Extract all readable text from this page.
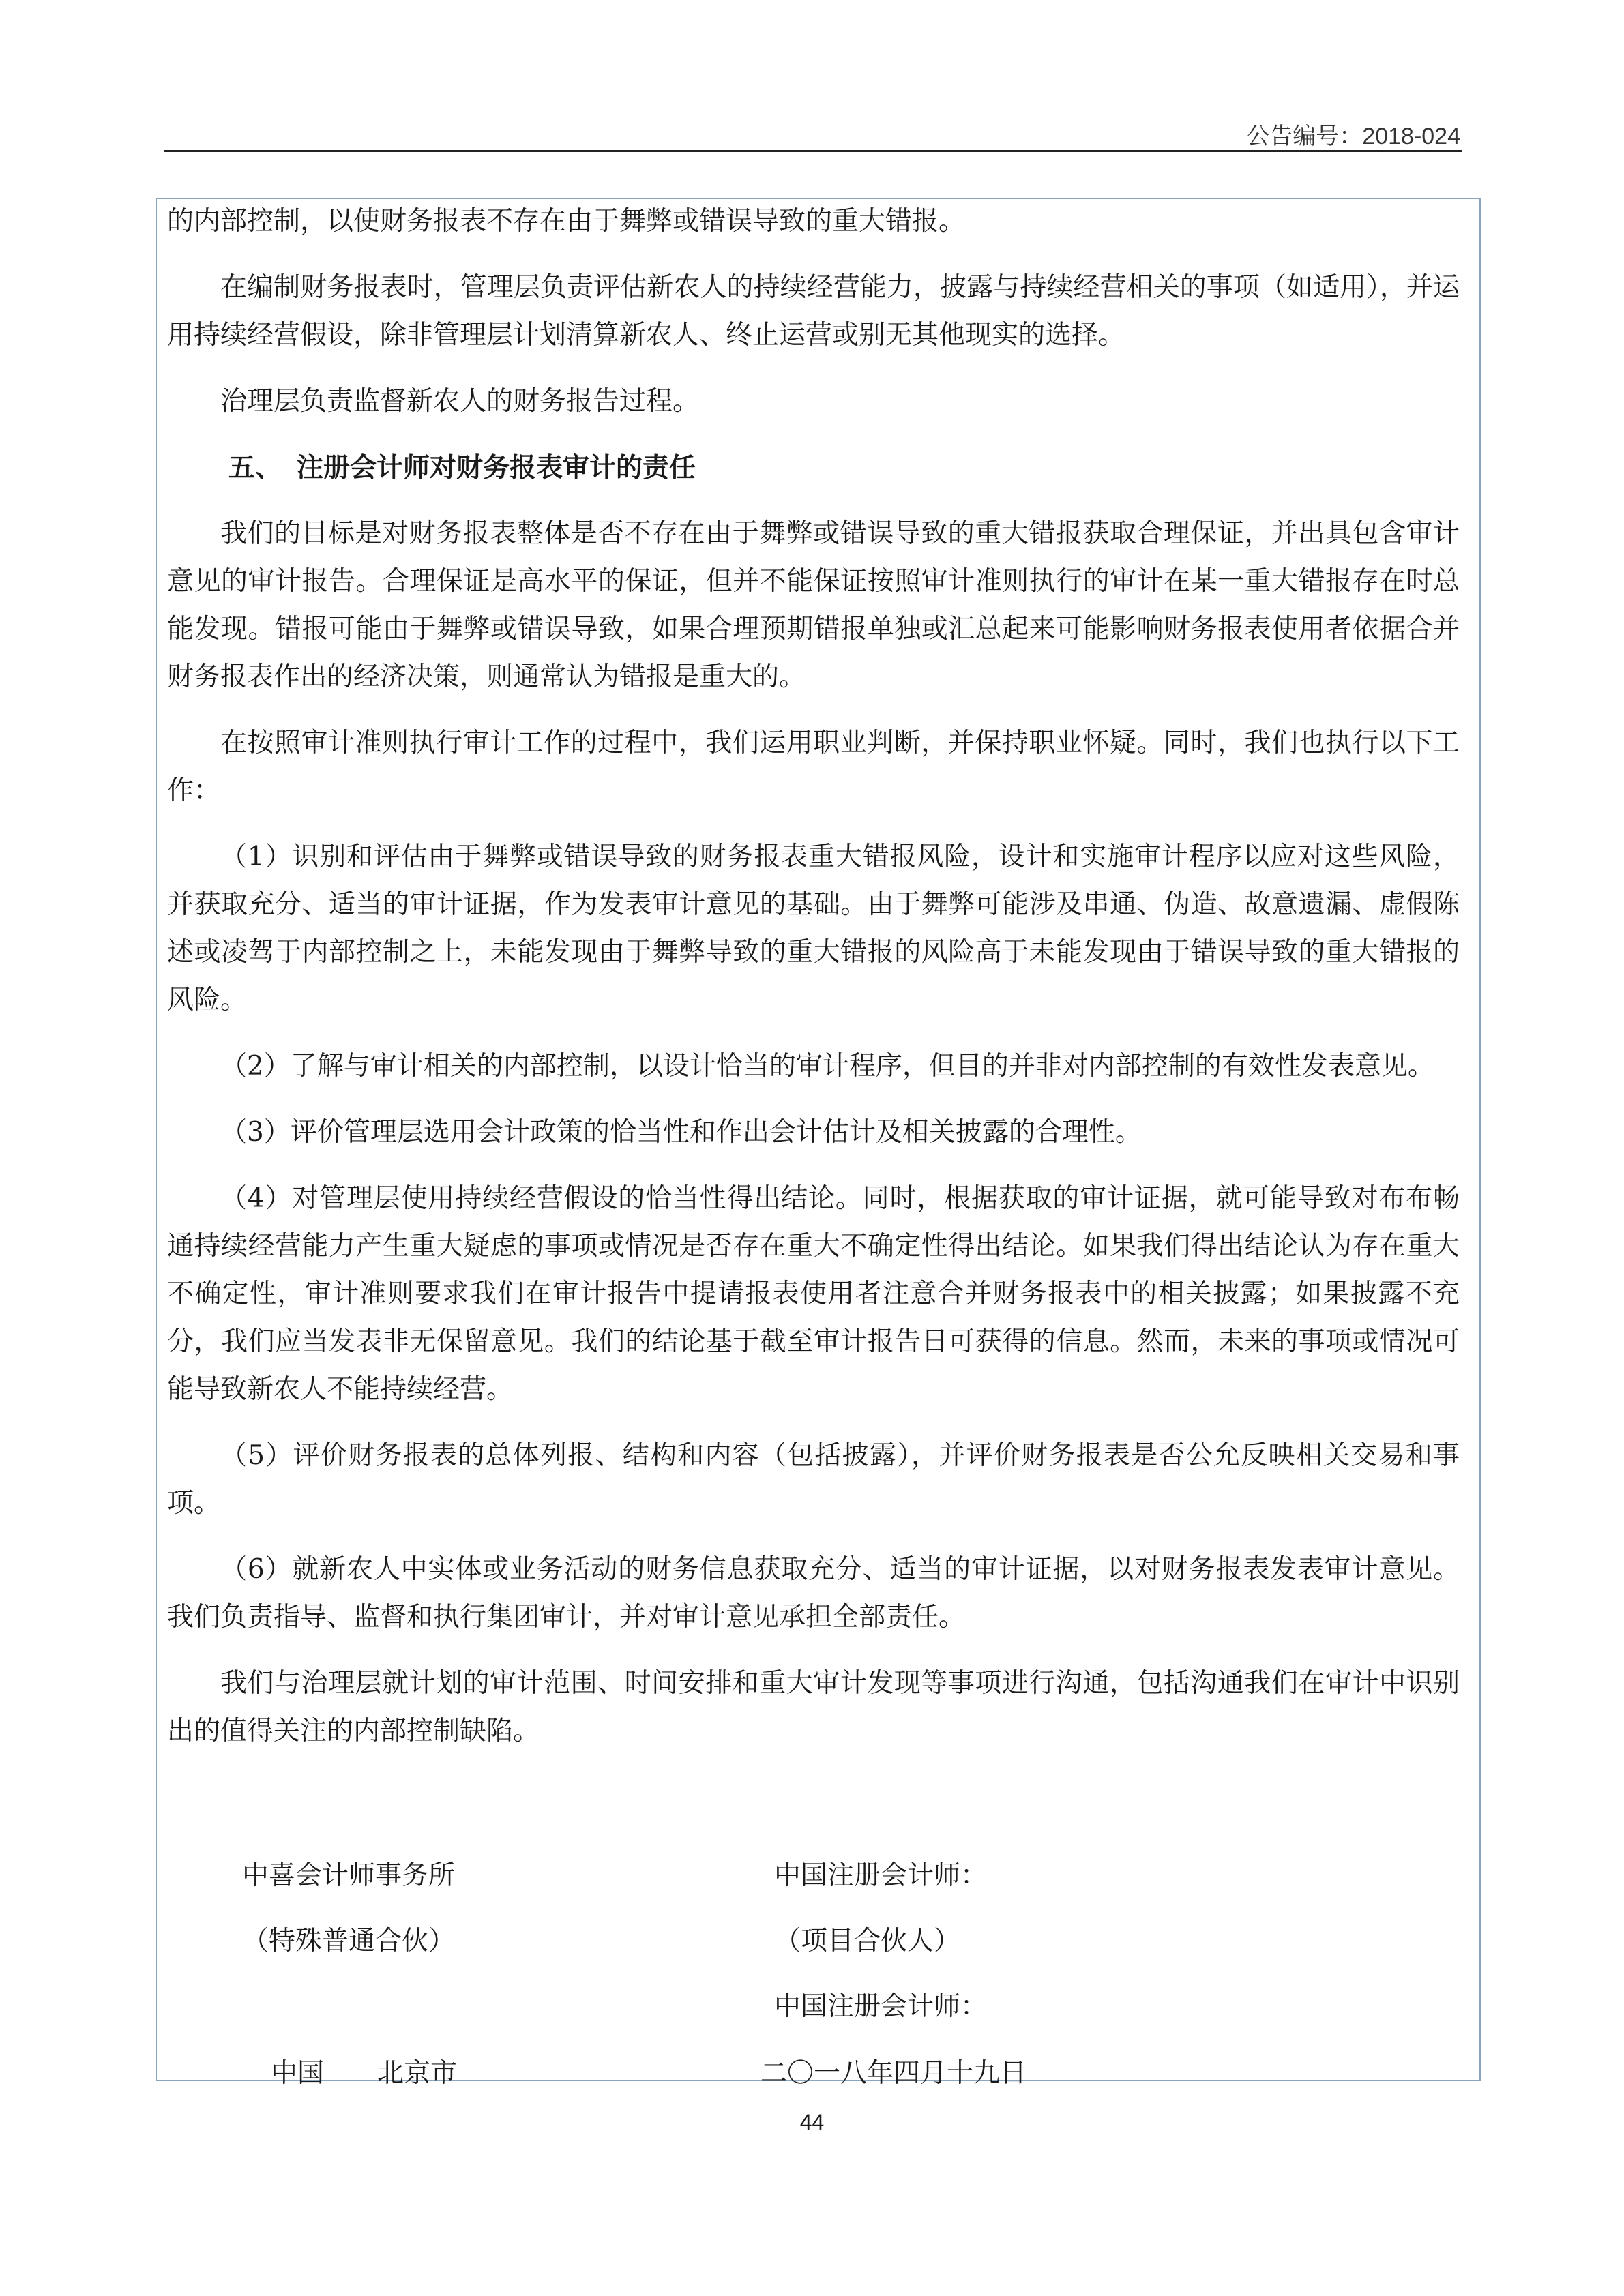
公告编号：2018-024

的内部控制，以使财务报表不存在由于舞弊或错误导致的重大错报。

在编制财务报表时，管理层负责评估新农人的持续经营能力，披露与持续经营相关的事项（如适用），并运用持续经营假设，除非管理层计划清算新农人、终止运营或别无其他现实的选择。

治理层负责监督新农人的财务报告过程。

五、 注册会计师对财务报表审计的责任

我们的目标是对财务报表整体是否不存在由于舞弊或错误导致的重大错报获取合理保证，并出具包含审计意见的审计报告。合理保证是高水平的保证，但并不能保证按照审计准则执行的审计在某一重大错报存在时总能发现。错报可能由于舞弊或错误导致，如果合理预期错报单独或汇总起来可能影响财务报表使用者依据合并财务报表作出的经济决策，则通常认为错报是重大的。

在按照审计准则执行审计工作的过程中，我们运用职业判断，并保持职业怀疑。同时，我们也执行以下工作：

（1）识别和评估由于舞弊或错误导致的财务报表重大错报风险，设计和实施审计程序以应对这些风险，并获取充分、适当的审计证据，作为发表审计意见的基础。由于舞弊可能涉及串通、伪造、故意遗漏、虚假陈述或凌驾于内部控制之上，未能发现由于舞弊导致的重大错报的风险高于未能发现由于错误导致的重大错报的风险。

（2）了解与审计相关的内部控制，以设计恰当的审计程序，但目的并非对内部控制的有效性发表意见。

（3）评价管理层选用会计政策的恰当性和作出会计估计及相关披露的合理性。

（4）对管理层使用持续经营假设的恰当性得出结论。同时，根据获取的审计证据，就可能导致对布布畅通持续经营能力产生重大疑虑的事项或情况是否存在重大不确定性得出结论。如果我们得出结论认为存在重大不确定性，审计准则要求我们在审计报告中提请报表使用者注意合并财务报表中的相关披露；如果披露不充分，我们应当发表非无保留意见。我们的结论基于截至审计报告日可获得的信息。然而，未来的事项或情况可能导致新农人不能持续经营。

（5）评价财务报表的总体列报、结构和内容（包括披露），并评价财务报表是否公允反映相关交易和事项。

（6）就新农人中实体或业务活动的财务信息获取充分、适当的审计证据，以对财务报表发表审计意见。我们负责指导、监督和执行集团审计，并对审计意见承担全部责任。

我们与治理层就计划的审计范围、时间安排和重大审计发现等事项进行沟通，包括沟通我们在审计中识别出的值得关注的内部控制缺陷。

中喜会计师事务所
（特殊普通合伙）
中国　　北京市
中国注册会计师：
（项目合伙人）
中国注册会计师：
二〇一八年四月十九日
44
